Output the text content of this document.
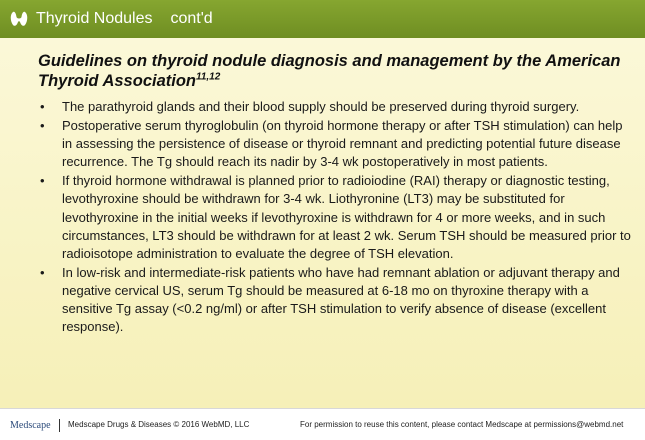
Thyroid Nodules cont'd
Guidelines on thyroid nodule diagnosis and management by the American Thyroid Association$^{11,12}$
• The parathyroid glands and their blood supply should be preserved during thyroid surgery.
• Postoperative serum thyroglobulin (on thyroid hormone therapy or after TSH stimulation) can help in assessing the persistence of disease or thyroid remnant and predicting potential future disease recurrence. The Tg should reach its nadir by 3-4 wk postoperatively in most patients.
• If thyroid hormone withdrawal is planned prior to radioiodine (RAI) therapy or diagnostic testing, levothyroxine should be withdrawn for 3-4 wk. Liothyronine (LT3) may be substituted for levothyroxine in the initial weeks if levothyroxine is withdrawn for 4 or more weeks, and in such circumstances, LT3 should be withdrawn for at least 2 wk. Serum TSH should be measured prior to radioisotope administration to evaluate the degree of TSH elevation.
• In low-risk and intermediate-risk patients who have had remnant ablation or adjuvant therapy and negative cervical US, serum Tg should be measured at 6-18 mo on thyroxine therapy with a sensitive Tg assay (<0.2 ng/ml) or after TSH stimulation to verify absence of disease (excellent response).
Medscape Medscape Drugs & Diseases © 2016 WebMD, LLC	For permission to reuse this content, please contact Medscape at permissions@webmd.net
